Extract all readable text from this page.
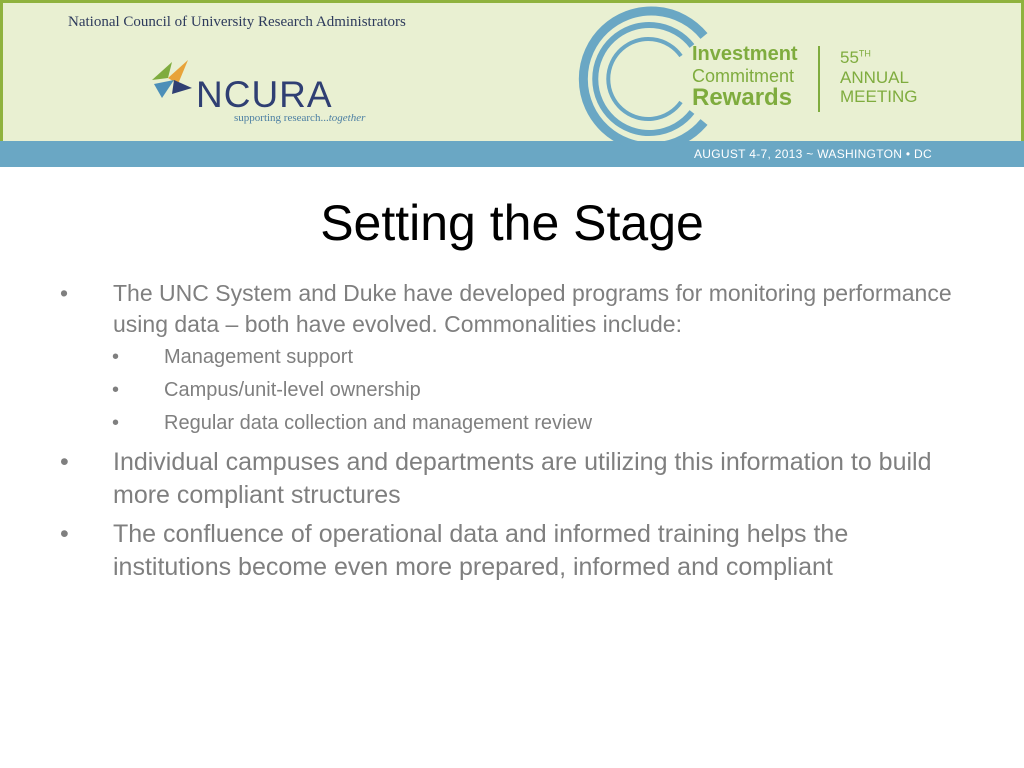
National Council of University Research Administrators
NCURA
supporting research...together
Investment
Commitment
Rewards
55TH
ANNUAL
MEETING
AUGUST 4-7, 2013 ~ WASHINGTON • DC
Setting the Stage
• The UNC System and Duke have developed programs for monitoring performance using data – both have evolved. Commonalities include:
• Management support
• Campus/unit-level ownership
• Regular data collection and management review
• Individual campuses and departments are utilizing this information to build more compliant structures
• The confluence of operational data and informed training helps the institutions become even more prepared, informed and compliant
